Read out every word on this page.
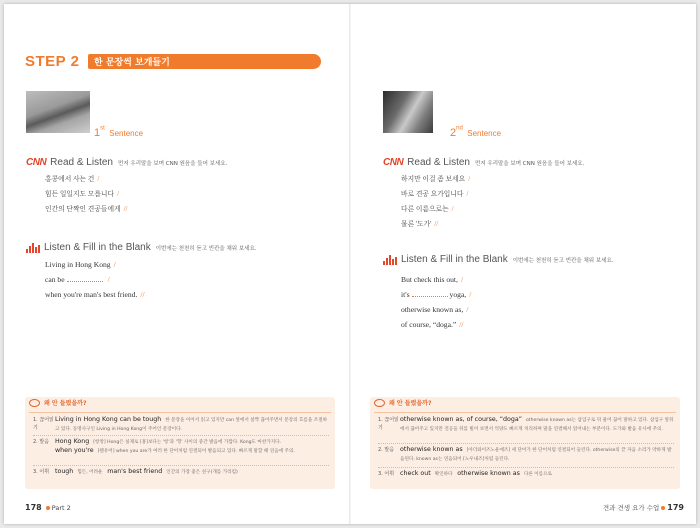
STEP 2 한 문장씩 보개들기
1st Sentence
CNN Read & Listen 먼저 우리말을 보며 CNN 원음을 들어 보세요.
홍콩에서 사는 건 /
힘든 일일지도 모릅니다 /
인간의 단짝인 견공들에게 //
Listen & Fill in the Blank 이번에는 천천히 듣고 빈칸을 채워 보세요.
Living in Hong Kong /
can be	/
when you're man's best friend. //
왜 안 들렸을까?
1. 끊어읽기
Living in Hong Kong can be tough 한 문장을 이어서 읽고 있지만 can 앞에서 살짝 끊어주면서 문장의 흐름을 조절하고 있다. 동명사구인 Living in Hong Kong이 주어인 문장이다.
2. 발음 Hong Kong [항캉] Hong은 실제로 [홍]보다는 '항'과 '헝' 사이의 중간 발음에 가깝다. Kong도 마찬가지다.
when you're [웬유어] when you are가 여러 한 단어처럼 연결되어 발음되고 있다. 빠르게 말할 때 연음에 주의.
3. 어휘 tough 힘든, 어려운 man's best friend 인간의 가장 좋은 친구(개를 가리킴)
178 Part 2
2nd Sentence
CNN Read & Listen 먼저 우리말을 보며 CNN 원음을 들어 보세요.
하지만 이걸 좀 보세요 /
바로 견공 요가입니다 /
다른 이름으로는 /
물론 '도가' //
Listen & Fill in the Blank 이번에는 천천히 듣고 빈칸을 채워 보세요.
But check this out, /
it's	yoga, /
otherwise known as, /
of course, “doga.” //
왜 안 들렸을까?
1. 끊어읽기
otherwise known as, of course, “doga” otherwise known as는 삽입구로 뒤 물어 끊어 말하고 있다. 삽입구 앞뒤에서 끊어주고 있지만 견공들 뒤를 빌어 보면서 억양도 빠르게 처리하며 말을 연결해서 읽어내는 부분이다. 도가와 발음 유사에 주의.
2. 발음 otherwise known as [아더와이즈노운애즈] 세 단어가 한 단어처럼 연결되어 들린다. otherwise의 끝 자음 소리가 약하게 발음된다. known as는 연음되어 [노우내즈]처럼 들린다.
3. 어휘 check out 확인하다 otherwise known as 다른 이름으로
견과 견생 요가 수업 179
